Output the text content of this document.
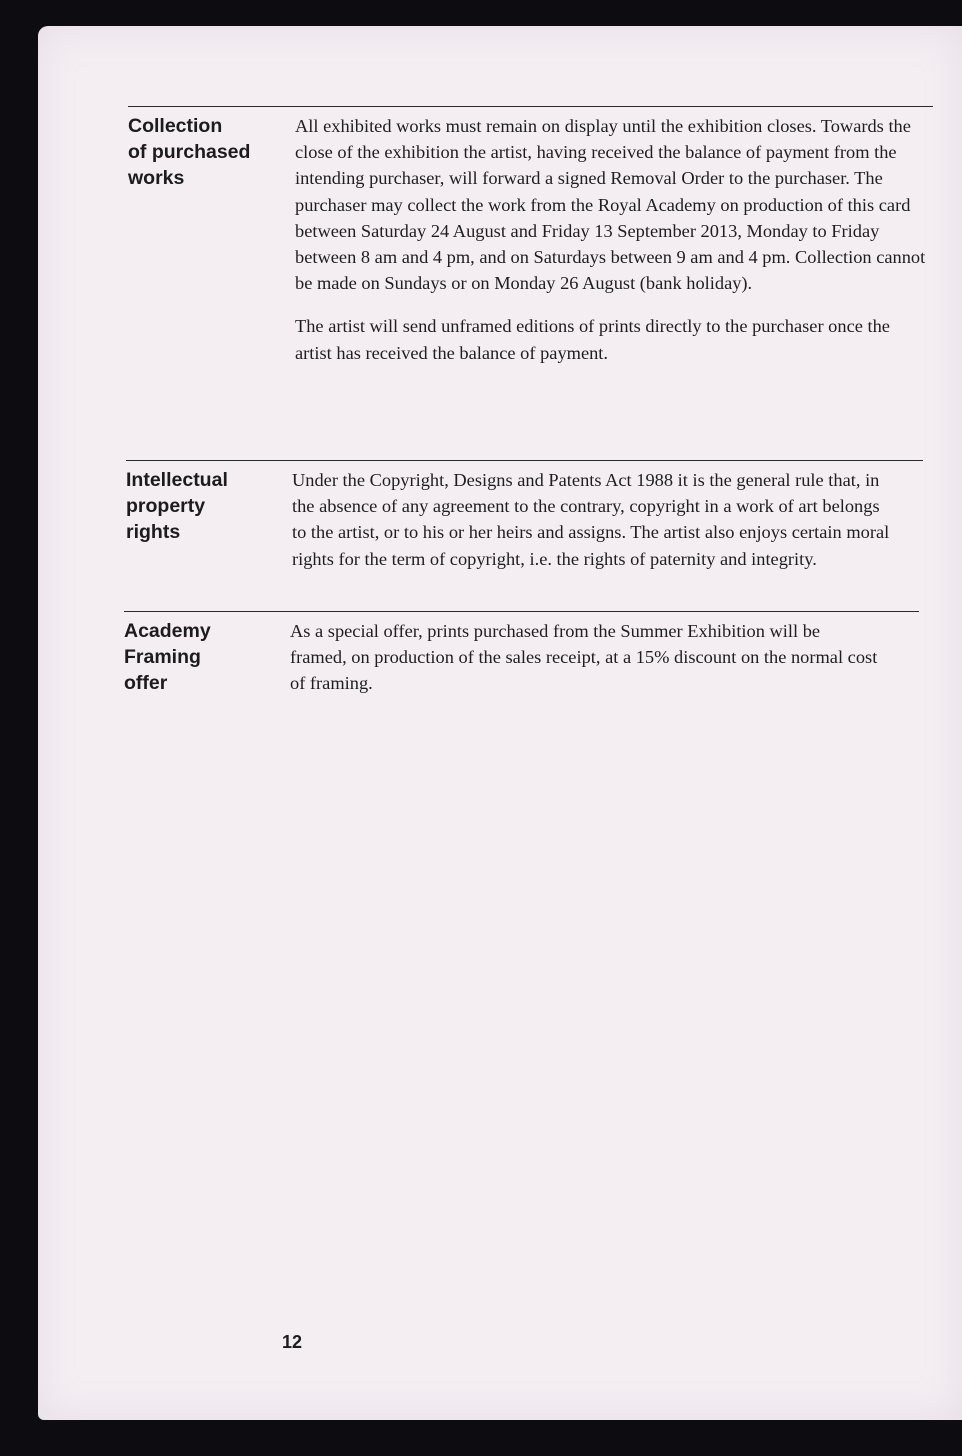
Collection
of purchased
works

All exhibited works must remain on display until the exhibition closes. Towards the close of the exhibition the artist, having received the balance of payment from the intending purchaser, will forward a signed Removal Order to the purchaser. The purchaser may collect the work from the Royal Academy on production of this card between Saturday 24 August and Friday 13 September 2013, Monday to Friday between 8 am and 4 pm, and on Saturdays between 9 am and 4 pm. Collection cannot be made on Sundays or on Monday 26 August (bank holiday).

The artist will send unframed editions of prints directly to the purchaser once the artist has received the balance of payment.

Intellectual
property
rights

Under the Copyright, Designs and Patents Act 1988 it is the general rule that, in the absence of any agreement to the contrary, copyright in a work of art belongs to the artist, or to his or her heirs and assigns. The artist also enjoys certain moral rights for the term of copyright, i.e. the rights of paternity and integrity.

Academy
Framing
offer

As a special offer, prints purchased from the Summer Exhibition will be framed, on production of the sales receipt, at a 15% discount on the normal cost of framing.

12
